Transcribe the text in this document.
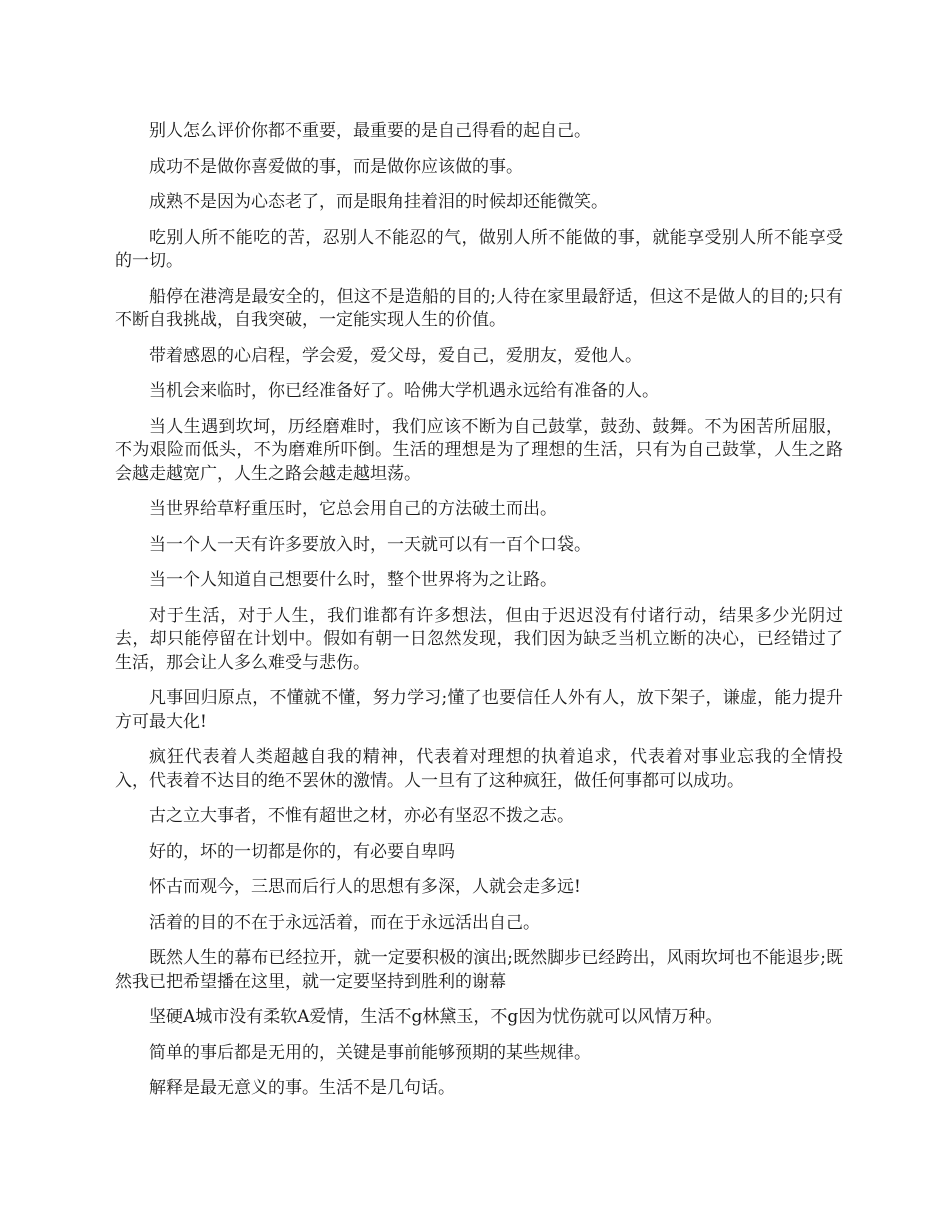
别人怎么评价你都不重要，最重要的是自己得看的起自己。

成功不是做你喜爱做的事，而是做你应该做的事。

成熟不是因为心态老了，而是眼角挂着泪的时候却还能微笑。

吃别人所不能吃的苦，忍别人不能忍的气，做别人所不能做的事，就能享受别人所不能享受的一切。

船停在港湾是最安全的，但这不是造船的目的;人待在家里最舒适，但这不是做人的目的;只有不断自我挑战，自我突破，一定能实现人生的价值。

带着感恩的心启程，学会爱，爱父母，爱自己，爱朋友，爱他人。

当机会来临时，你已经准备好了。哈佛大学机遇永远给有准备的人。

当人生遇到坎坷，历经磨难时，我们应该不断为自己鼓掌，鼓劲、鼓舞。不为困苦所屈服，不为艰险而低头，不为磨难所吓倒。生活的理想是为了理想的生活，只有为自己鼓掌，人生之路会越走越宽广，人生之路会越走越坦荡。

当世界给草籽重压时，它总会用自己的方法破土而出。

当一个人一天有许多要放入时，一天就可以有一百个口袋。

当一个人知道自己想要什么时，整个世界将为之让路。

对于生活，对于人生，我们谁都有许多想法，但由于迟迟没有付诸行动，结果多少光阴过去，却只能停留在计划中。假如有朝一日忽然发现，我们因为缺乏当机立断的决心，已经错过了生活，那会让人多么难受与悲伤。

凡事回归原点，不懂就不懂，努力学习;懂了也要信任人外有人，放下架子，谦虚，能力提升方可最大化!

疯狂代表着人类超越自我的精神，代表着对理想的执着追求，代表着对事业忘我的全情投入，代表着不达目的绝不罢休的激情。人一旦有了这种疯狂，做任何事都可以成功。

古之立大事者，不惟有超世之材，亦必有坚忍不拨之志。

好的，坏的一切都是你的，有必要自卑吗

怀古而观今，三思而后行人的思想有多深，人就会走多远!

活着的目的不在于永远活着，而在于永远活出自己。

既然人生的幕布已经拉开，就一定要积极的演出;既然脚步已经跨出，风雨坎坷也不能退步;既然我已把希望播在这里，就一定要坚持到胜利的谢幕

坚硬A城市没有柔软A爱情，生活不g林黛玉，不g因为忧伤就可以风情万种。

简单的事后都是无用的，关键是事前能够预期的某些规律。

解释是最无意义的事。生活不是几句话。
